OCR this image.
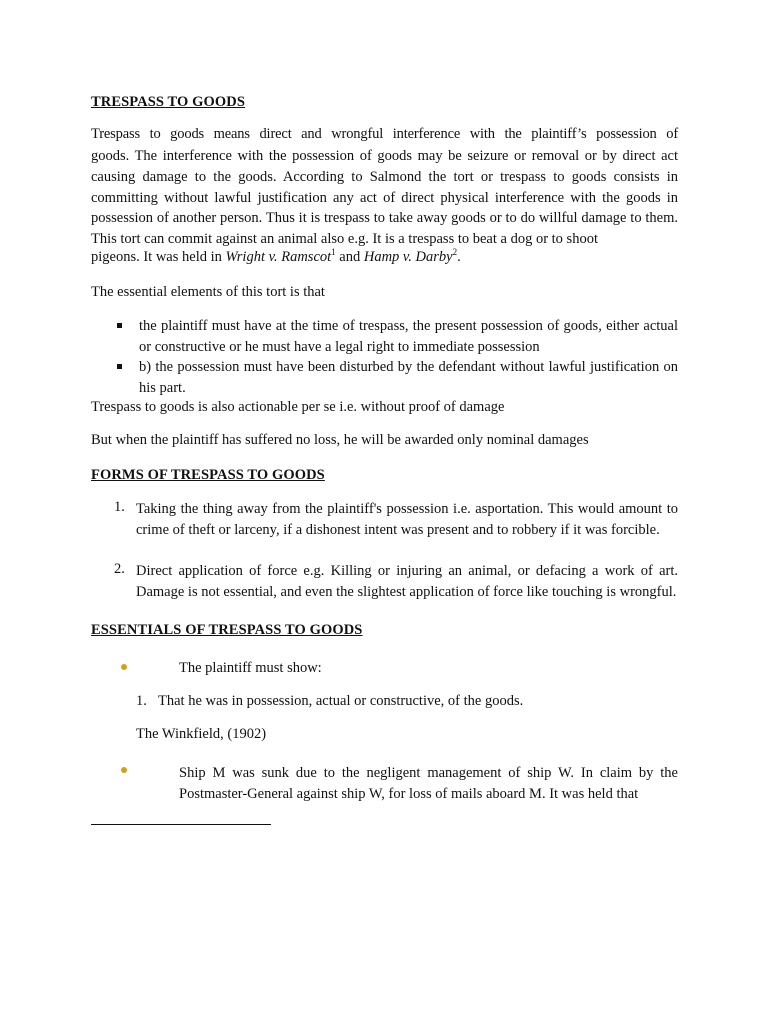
TRESPASS TO GOODS
Trespass to goods means direct and wrongful interference with the plaintiff’s possession of
goods. The interference with the possession of goods may be seizure or removal or by direct act causing damage to the goods. According to Salmond the tort or trespass to goods consists in committing without lawful justification any act of direct physical interference with the goods in possession of another person. Thus it is trespass to take away goods or to do willful damage to them. This tort can commit against an animal also e.g. It is a trespass to beat a dog or to shoot
pigeons. It was held in Wright v. Ramscot$^1$ and Hamp v. Darby$^2$.
The essential elements of this tort is that
the plaintiff must have at the time of trespass, the present possession of goods, either actual or constructive or he must have a legal right to immediate possession
b) the possession must have been disturbed by the defendant without lawful justification on his part.
Trespass to goods is also actionable per se i.e. without proof of damage
But when the plaintiff has suffered no loss, he will be awarded only nominal damages
FORMS OF TRESPASS TO GOODS
1. Taking the thing away from the plaintiff's possession i.e. asportation. This would amount to crime of theft or larceny, if a dishonest intent was present and to robbery if it was forcible.
2. Direct application of force e.g. Killing or injuring an animal, or defacing a work of art. Damage is not essential, and even the slightest application of force like touching is wrongful.
ESSENTIALS OF TRESPASS TO GOODS
The plaintiff must show:
1. That he was in possession, actual or constructive, of the goods.
The Winkfield, (1902)
Ship M was sunk due to the negligent management of ship W. In claim by the Postmaster-General against ship W, for loss of mails aboard M. It was held that
